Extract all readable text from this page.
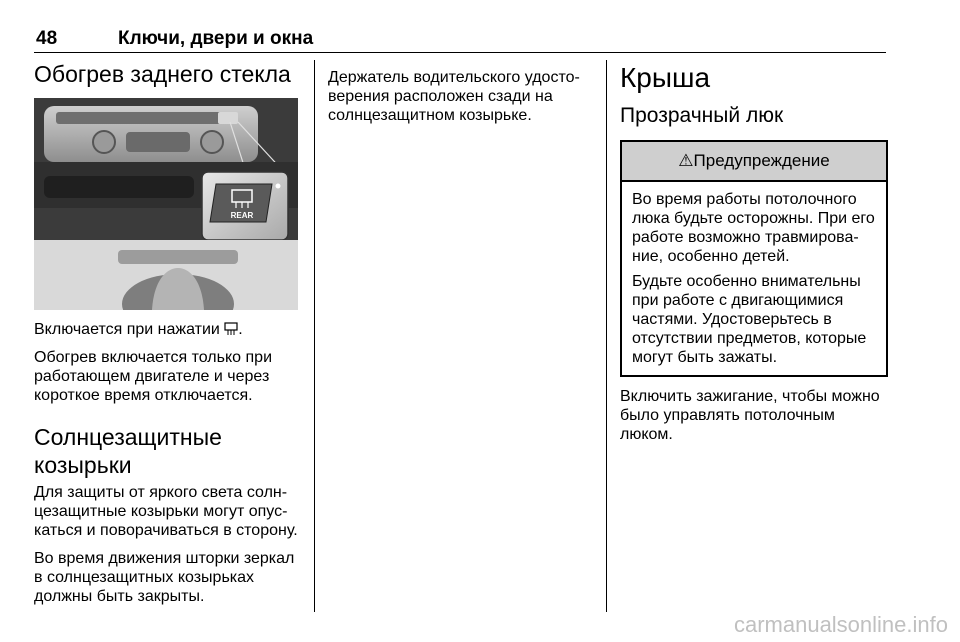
48	Ключи, двери и окна
Обогрев заднего стекла
REAR

Включается при нажатии .

Обогрев включается только при
работающем двигателе и через
короткое время отключается.

Солнцезащитные
козырьки

Для защиты от яркого света солн-
цезащитные козырьки могут опус-
каться и поворачиваться в сторону.

Во время движения шторки зеркал
в солнцезащитных козырьках
должны быть закрыты.

Держатель водительского удосто-
верения расположен сзади на
солнцезащитном козырьке.

Крыша
Прозрачный люк
⚠Предупреждение

Во время работы потолочного
люка будьте осторожны. При его
работе возможно травмирова-
ние, особенно детей.

Будьте особенно внимательны
при работе с двигающимися
частями. Удостоверьтесь в
отсутствии предметов, которые
могут быть зажаты.

Включить зажигание, чтобы можно
было управлять потолочным
люком.

carmanualsonline.info
